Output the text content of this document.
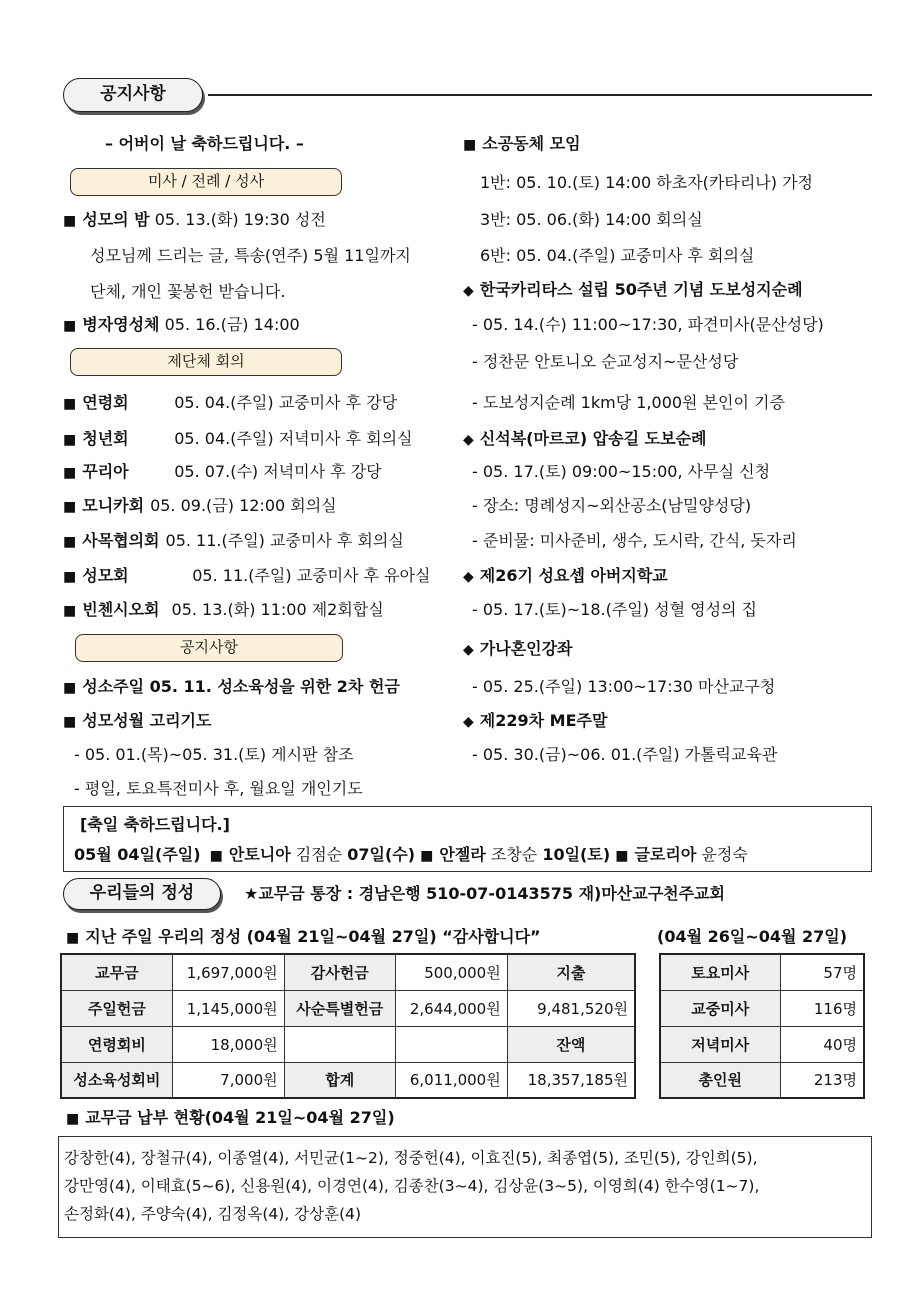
공지사항
– 어버이 날 축하드립니다. –
미사 / 전례 / 성사
■ 성모의 밤 05. 13.(화) 19:30 성전
성모님께 드리는 글, 특송(연주) 5월 11일까지
단체, 개인 꽃봉헌 받습니다.
■ 병자영성체 05. 16.(금) 14:00
제단체 회의
■ 연령회	05. 04.(주일) 교중미사 후 강당
■ 청년회	05. 04.(주일) 저녁미사 후 회의실
■ 꾸리아	05. 07.(수) 저녁미사 후 강당
■ 모니카회 05. 09.(금) 12:00 회의실
■ 사목협의회 05. 11.(주일) 교중미사 후 회의실
■ 성모회	05. 11.(주일) 교중미사 후 유아실
■ 빈첸시오회 05. 13.(화) 11:00 제2회합실
공지사항
■ 성소주일 05. 11. 성소육성을 위한 2차 헌금
■ 성모성월 고리기도
- 05. 01.(목)~05. 31.(토) 게시판 참조
- 평일, 토요특전미사 후, 월요일 개인기도
■ 소공동체 모임
1반: 05. 10.(토) 14:00 하초자(카타리나) 가정
3반: 05. 06.(화) 14:00 회의실
6반: 05. 04.(주일) 교중미사 후 회의실
◆ 한국카리타스 설립 50주년 기념 도보성지순례
- 05. 14.(수) 11:00~17:30, 파견미사(문산성당)
- 정찬문 안토니오 순교성지~문산성당
- 도보성지순례 1km당 1,000원 본인이 기증
◆ 신석복(마르코) 압송길 도보순례
- 05. 17.(토) 09:00~15:00, 사무실 신청
- 장소: 명례성지~외산공소(남밀양성당)
- 준비물: 미사준비, 생수, 도시락, 간식, 돗자리
◆ 제26기 성요셉 아버지학교
- 05. 17.(토)~18.(주일) 성혈 영성의 집
◆ 가나혼인강좌
- 05. 25.(주일) 13:00~17:30 마산교구청
◆ 제229차 ME주말
- 05. 30.(금)~06. 01.(주일) 가톨릭교육관
[축일 축하드립니다.]
05월 04일(주일) ■ 안토니아 김점순 07일(수) ■ 안젤라 조창순 10일(토) ■ 글로리아 윤정숙
우리들의 정성	★교무금 통장 : 경남은행 510-07-0143575 재)마산교구천주교회
■ 지난 주일 우리의 정성 (04월 21일~04월 27일) “감사합니다”	(04월 26일~04월 27일)
교무금	1,697,000원	감사헌금	500,000원	지출
주일헌금	1,145,000원	사순특별헌금	2,644,000원	9,481,520원
연령회비	18,000원			잔액
성소육성회비	7,000원	합계	6,011,000원	18,357,185원
토요미사	57명
교중미사	116명
저녁미사	40명
총인원	213명
■ 교무금 납부 현황(04월 21일~04월 27일)
강창한(4), 장철규(4), 이종열(4), 서민균(1~2), 정중헌(4), 이효진(5), 최종엽(5), 조민(5), 강인희(5),
강만영(4), 이태효(5~6), 신용원(4), 이경연(4), 김종찬(3~4), 김상윤(3~5), 이영희(4) 한수영(1~7),
손정화(4), 주양숙(4), 김정옥(4), 강상훈(4)
